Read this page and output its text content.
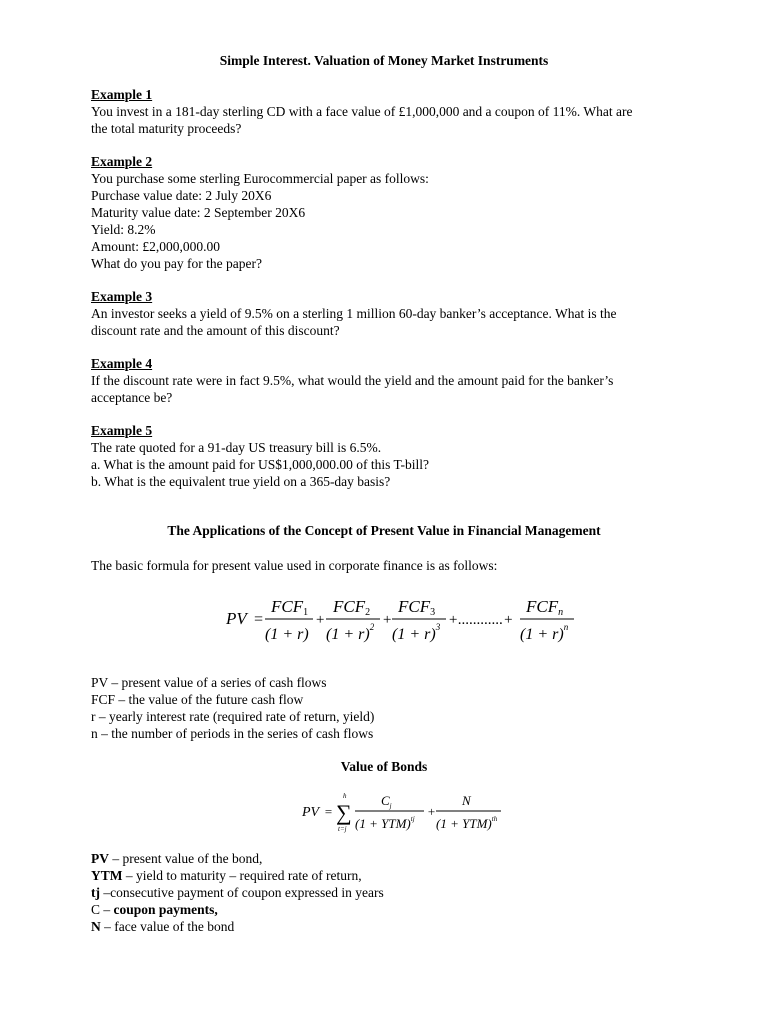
Simple Interest. Valuation of Money Market Instruments
Example 1
You invest in a 181-day sterling CD with a face value of £1,000,000 and a coupon of 11%. What are
the total maturity proceeds?
Example 2
You purchase some sterling Eurocommercial paper as follows:
Purchase value date: 2 July 20X6
Maturity value date: 2 September 20X6
Yield: 8.2%
Amount: £2,000,000.00
What do you pay for the paper?
Example 3
An investor seeks a yield of 9.5% on a sterling 1 million 60-day banker’s acceptance. What is the
discount rate and the amount of this discount?
Example 4
If the discount rate were in fact 9.5%, what would the yield and the amount paid for the banker’s
acceptance be?
Example 5
The rate quoted for a 91-day US treasury bill is 6.5%.
a. What is the amount paid for US$1,000,000.00 of this T-bill?
b. What is the equivalent true yield on a 365-day basis?
The Applications of the Concept of Present Value in Financial Management
The basic formula for present value used in corporate finance is as follows:
PV =
FCF1
(1 + r)
+
FCF2
$(1 + r)^2$ +
FCF3
$(1 + r)^3$ +............+
FCFn
$(1 + r)^n$
PV – present value of a series of cash flows
FCF – the value of the future cash flow
r – yearly interest rate (required rate of return, yield)
n – the number of periods in the series of cash flows
Value of Bonds
PV =
h
∑
t=j
$C_j$
(1 + YTM)$^{tj}$ +
N
(1 + YTM)$^{th}$
PV – present value of the bond,
YTM – yield to maturity – required rate of return,
tj –consecutive payment of coupon expressed in years
C – coupon payments,
N – face value of the bond
